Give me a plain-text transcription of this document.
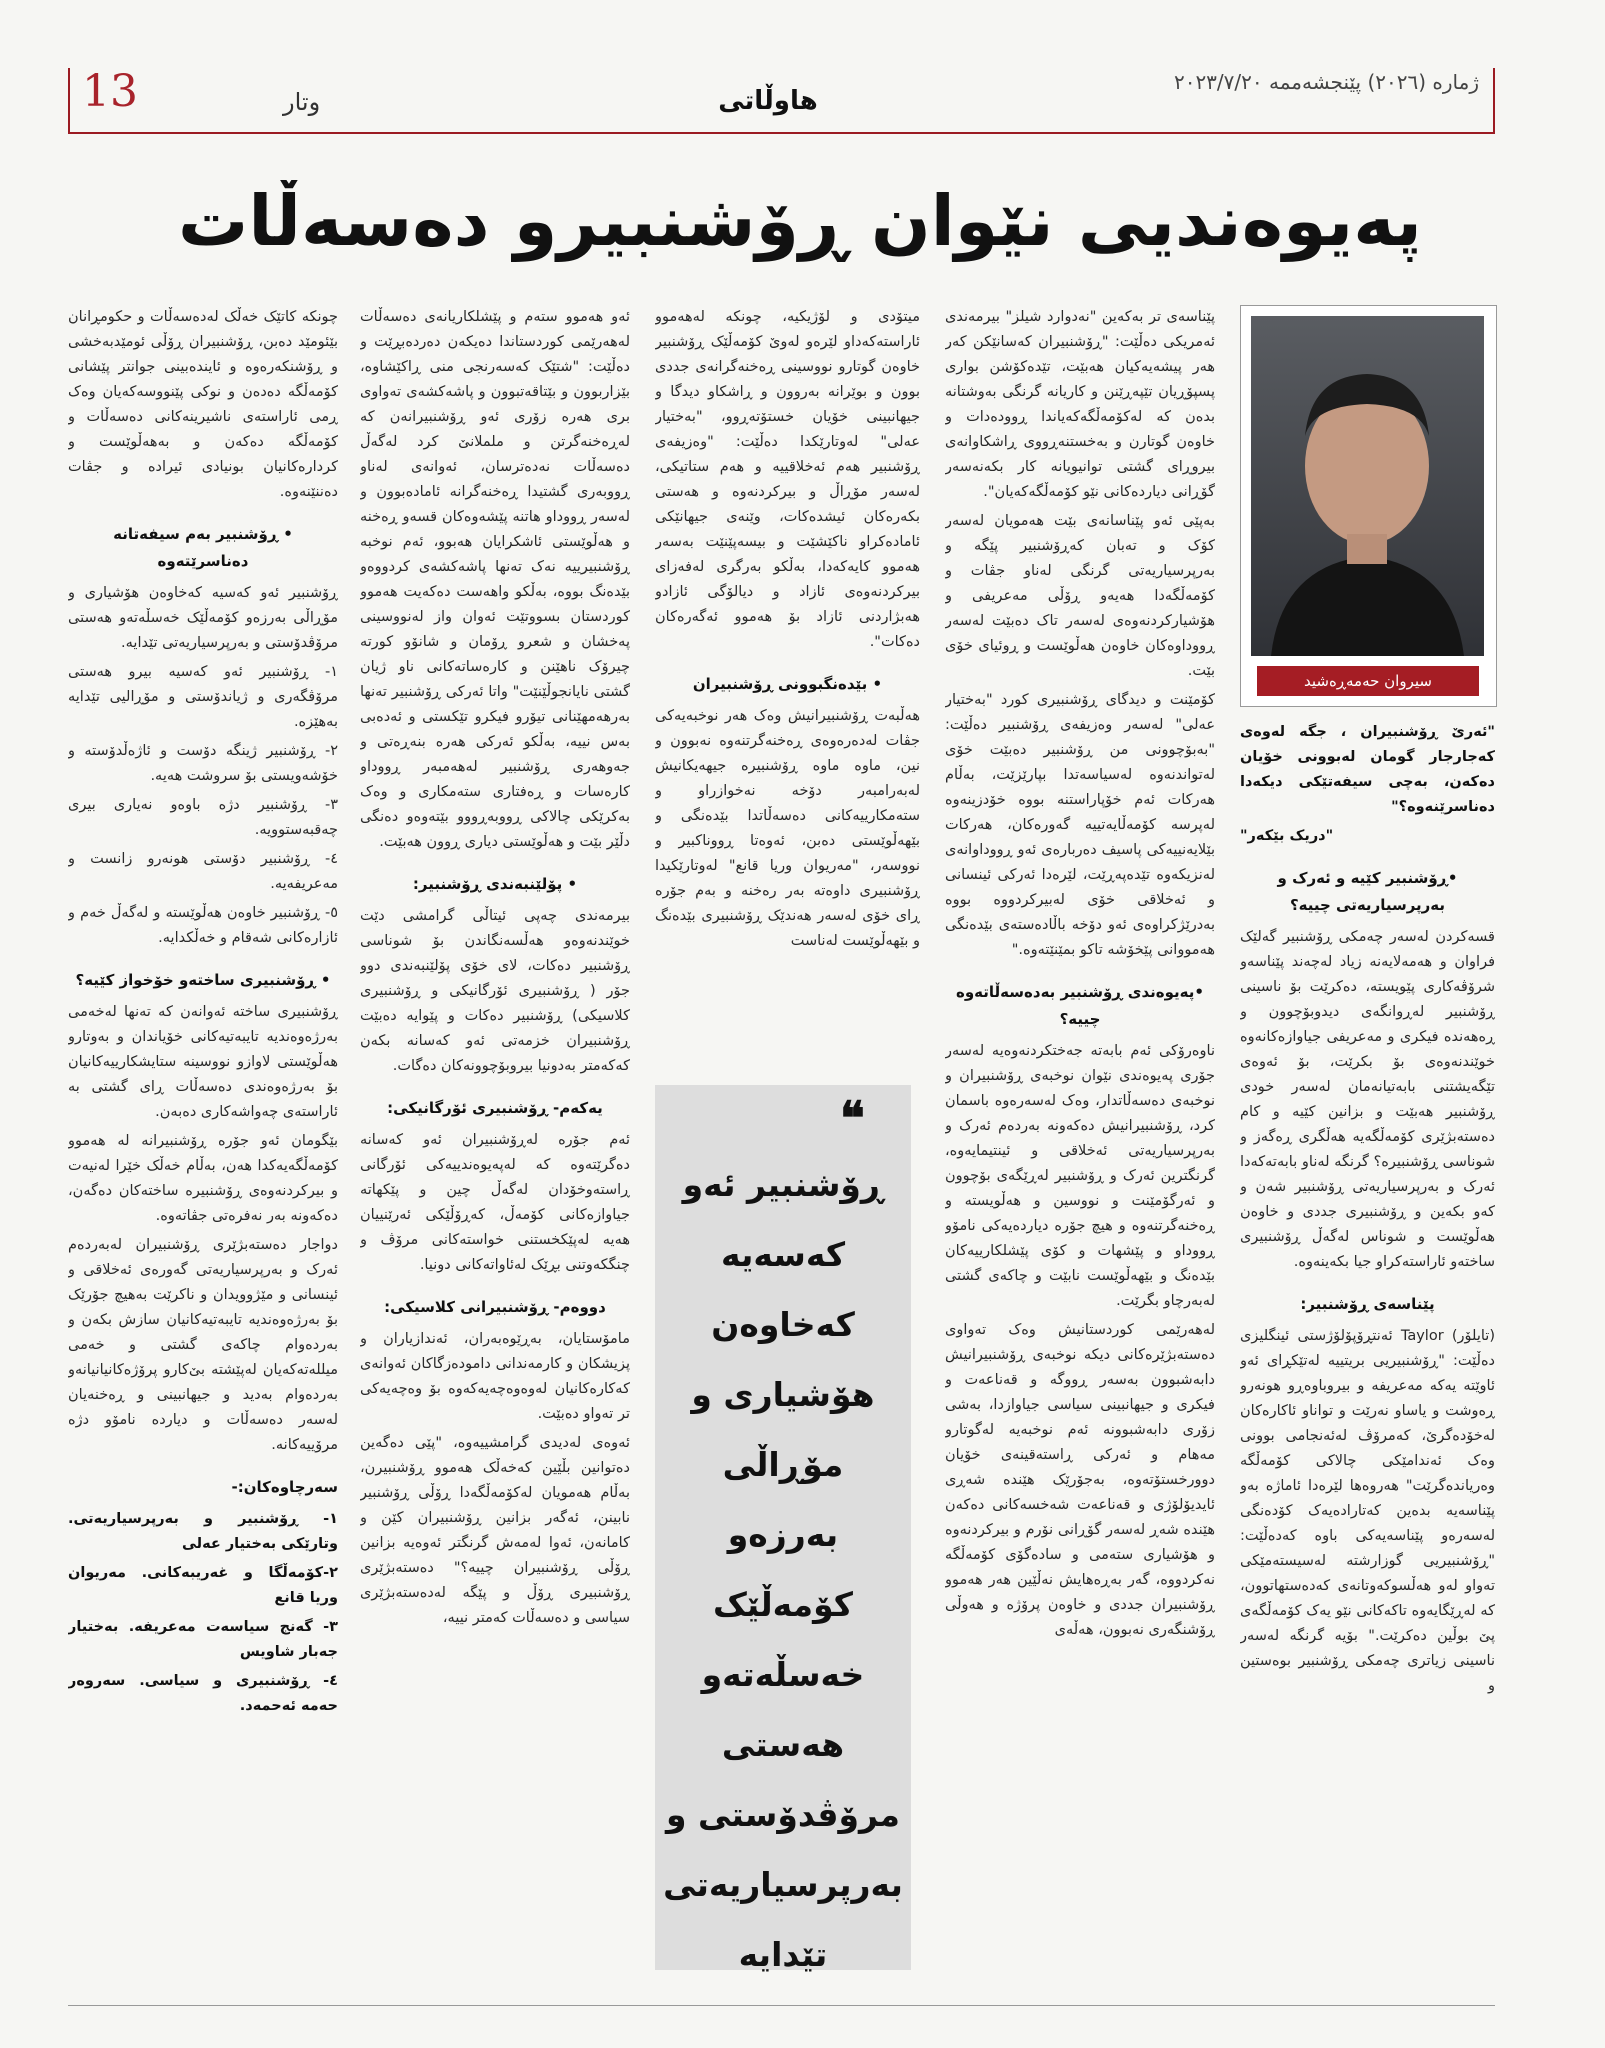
13	وتار	هاوڵاتی
ژمارە (٢٠٢٦) پێنجشەممە ٢٠٢٣/٧/٢٠
پەیوەندیی نێوان ڕۆشنبیرو دەسەڵات

"ئەرێ ڕۆشنبیران ، جگە لەوەی کەجارجار گومان لەبوونی خۆیان دەکەن، بەچی سیفەتێکی دیکەدا دەناسرێنەوە؟"

"دریک بێکەر"

•ڕۆشنبیر کێیە و ئەرک و بەرپرسیاریەتی چییە؟

قسەکردن لەسەر چەمکی ڕۆشنبیر گەلێک فراوان و هەمەلایەنە زیاد لەچەند پێناسەو شرۆڤەکاری پێویستە، دەکرێت بۆ ناسینی ڕۆشنبیر لەڕوانگەی دیدوبۆچوون و ڕەهەندە فیکری و مەعریفی جیاوازەکانەوە خوێندنەوەی بۆ بکرێت، بۆ ئەوەی تێگەیشتنی بابەتیانەمان لەسەر خودی ڕۆشنبیر هەبێت و بزانین کێیە و کام دەستەبژێری کۆمەڵگەیە هەڵگری ڕەگەز و شوناسی ڕۆشنبیرە؟ گرنگە لەناو بابەتەکەدا ئەرک و بەرپرسیاریەتی ڕۆشنبیر شەن و کەو بکەین و ڕۆشنبیری جددی و خاوەن هەڵوێست و شوناس لەگەڵ ڕۆشنبیری ساختەو ئاراستەکراو جیا بکەینەوە.

پێناسەی ڕۆشنبیر:

(تایلۆر) Taylor ئەنتڕۆپۆلۆژستی ئینگلیزی دەڵێت: "ڕۆشنبیریی بریتییە لەتێکڕای ئەو ئاوێتە یەکە مەعریفە و بیروباوەڕو هونەرو ڕەوشت و یاساو نەرێت و تواناو ئاکارەکان لەخۆدەگرێ، کەمرۆڤ لەئەنجامی بوونی وەک ئەندامێکی چالاکی کۆمەڵگە وەریاندەگرێت" هەروەها لێرەدا ئاماژە بەو پێناسەیە بدەین کەتارادەیەک کۆدەنگی لەسەرەو پێناسەیەکی باوە کەدەڵێت: "ڕۆشنبیریی گوزارشتە لەسیستەمێکی تەواو لەو هەڵسوکەوتانەی کەدەستهاتوون، کە لەڕێگایەوە تاکەکانی نێو یەک کۆمەڵگەی پێ بوڵین دەکرێت." بۆیە گرنگە لەسەر ناسینی زیاتری چەمکی ڕۆشنبیر بوەستین و

سیروان حەمەڕەشید

پێناسەی تر بەکەین "نەدوارد شیلز" بیرمەندی ئەمریکی دەڵێت: "ڕۆشنبیران کەسانێکن کەر هەر پیشەیەکیان هەبێت، تێدەکۆشن بواری پسپۆڕیان تێپەڕێنن و کاریانە گرنگی بەوشتانە بدەن کە لەکۆمەڵگەکەیاندا ڕوودەدات و خاوەن گوتارن و بەخستنەڕووی ڕاشکاوانەی بیروڕای گشتی توانیویانە کار بکەنەسەر گۆڕانی دیاردەکانی نێو کۆمەڵگەکەیان".

بەپێی ئەو پێناسانەی بێت هەمویان لەسەر کۆک و تەبان کەڕۆشنبیر پێگە و بەرپرسیاریەتی گرنگی لەناو جڤات و کۆمەڵگەدا هەیەو ڕۆڵی مەعریفی و هۆشیارکردنەوەی لەسەر تاک دەبێت لەسەر ڕووداوەکان خاوەن هەڵوێست و ڕوئیای خۆی بێت.

کۆمێنت و دیدگای ڕۆشنبیری کورد "بەختیار عەلی" لەسەر وەزیفەی ڕۆشنبیر دەڵێت: "بەبۆچوونی من ڕۆشنبیر دەبێت خۆی لەتواندنەوە لەسیاسەتدا بپارێزێت، بەڵام هەرکات ئەم خۆپاراستنە بووە خۆدزینەوە لەپرسە کۆمەڵایەتییە گەورەکان، هەرکات بێلایەنییەکی پاسیف دەربارەی ئەو ڕووداوانەی لەنزیکەوە تێدەپەڕێت، لێرەدا ئەرکی ئینسانی و ئەخلاقی خۆی لەبیرکردووە بووە بەدرێژکراوەی ئەو دۆخە باڵادەستەی بێدەنگی هەمووانی پێخۆشە تاکو بمێنێتەوە."

•پەیوەندی ڕۆشنبیر بەدەسەڵاتەوە چییە؟

ناوەرۆکی ئەم بابەتە جەختکردنەوەیە لەسەر جۆری پەیوەندی نێوان نوخبەی ڕۆشنبیران و نوخبەی دەسەڵاتدار، وەک لەسەرەوە باسمان کرد، ڕۆشنبیرانیش دەکەونە بەردەم ئەرک و بەرپرسیاریەتی ئەخلاقی و ئینتیمایەوە، گرنگترین ئەرک و ڕۆشنبیر لەڕێگەی بۆچوون و ئەرگۆمێنت و نووسین و هەڵویستە و ڕەخنەگرتنەوە و هیچ جۆرە دیاردەیەکی نامۆو ڕووداو و پێشهات و کۆی پێشلکارییەکان بێدەنگ و بێهەڵوێست نابێت و چاکەی گشتی لەبەرچاو بگرێت.

لەهەرێمی کوردستانیش وەک تەواوی دەستەبژێرەکانی دیکە نوخبەی ڕۆشنبیرانیش دابەشبوون بەسەر ڕووگە و قەناعەت و فیکری و جیهانبینی سیاسی جیاوازدا، بەشی زۆری دابەشبوونە ئەم نوخبەیە لەگوتارو مەهام و ئەرکی ڕاستەقینەی خۆیان دوورخستۆتەوە، بەجۆرێک هێندە شەڕی ئایدیۆلۆژی و قەناعەت شەخسەکانی دەکەن هێندە شەڕ لەسەر گۆڕانی نۆرم و بیرکردنەوە و هۆشیاری ستەمی و سادەگۆی کۆمەڵگە نەکردووە، گەر بەڕەهایش نەڵێین هەر هەموو ڕۆشنبیران جددی و خاوەن پرۆژە و هەوڵی ڕۆشنگەری نەبوون، هەڵەی

میتۆدی و لۆژیکیە، چونکە لەهەموو ئاراستەکەداو لێرەو لەوێ کۆمەڵێک ڕۆشنبیر خاوەن گوتارو نووسینی ڕەخنەگرانەی جددی بوون و بوێرانە بەروون و ڕاشکاو دیدگا و جیهانبینی خۆیان خستۆتەڕوو، "بەختیار عەلی" لەوتارێکدا دەڵێت: "وەزیفەی ڕۆشنبیر هەم ئەخلاقییە و هەم ستاتیکی، لەسەر مۆڕاڵ و بیرکردنەوە و هەستی بکەرەکان ئیشدەکات، وێنەی جیهانێکی ئامادەکراو ناکێشێت و بیسەپێنێت بەسەر هەموو کایەکەدا، بەڵکو بەرگری لەفەزای بیرکردنەوەی ئازاد و دیالۆگی ئازادو هەبژاردنی ئازاد بۆ هەموو ئەگەرەکان دەکات".

• بێدەنگبوونی ڕۆشنبیران

هەڵبەت ڕۆشنبیرانیش وەک هەر نوخبەیەکی جڤات لەدەرەوەی ڕەخنەگرتنەوە نەبوون و نین، ماوە ماوە ڕۆشنبیرە جیهەیکانیش لەبەرامبەر دۆخە نەخوازراو و ستەمکارییەکانی دەسەڵاتدا بێدەنگی و بێهەڵوێستی دەبن، ئەوەتا ڕووناکبیر و نووسەر، "مەریوان وریا قانع" لەوتارێکیدا ڕۆشنبیری داوەتە بەر رەخنە و بەم جۆرە ڕای خۆی لەسەر هەندێک ڕۆشنبیری بێدەنگ و بێهەڵوێست لەناست

❝
ڕۆشنبیر ئەو کەسەیە کەخاوەن هۆشیاری و مۆڕاڵی بەرزەو کۆمەڵێک خەسڵەتەو هەستی مرۆڤدۆستی و بەرپرسیاریەتی تێدایە

ئەو هەموو ستەم و پێشلکاریانەی دەسەڵات لەهەرێمی کوردستاندا دەیکەن دەردەبڕێت و دەڵێت: "شتێک کەسەرنجی منی ڕاکێشاوە، بێزاربوون و بێتاقەتبوون و پاشەکشەی تەواوی بری هەرە زۆری ئەو ڕۆشنبیرانەن کە لەڕەخنەگرتن و ململانێ کرد لەگەڵ دەسەڵات نەدەترسان، ئەوانەی لەناو ڕووبەری گشتیدا ڕەخنەگرانە ئامادەبوون و لەسەر ڕووداو هاتنە پێشەوەکان قسەو ڕەخنە و هەڵوێستی ئاشکرایان هەبوو، ئەم نوخبە ڕۆشنبیرییە نەک تەنها پاشەکشەی کردووەو بێدەنگ بووە، بەڵکو واهەست دەکەیت هەموو کوردستان بسووتێت ئەوان واز لەنووسینی پەخشان و شعرو ڕۆمان و شانۆو کورتە چیرۆک ناهێنن و کارەساتەکانی ناو ژیان گشتی نایانجوڵێنێت" واتا ئەرکی ڕۆشنبیر تەنها بەرهەمهێنانی تیۆرو فیکرو تێکستی و ئەدەبی بەس نییە، بەڵکو ئەرکی هەرە بنەڕەتی و جەوهەری ڕۆشنبیر لەهەمبەر ڕووداو کارەسات و ڕەفتاری ستەمکاری و وەک بەکرێکی چالاکی ڕووبەڕووو بێتەوەو دەنگی دڵێر بێت و هەڵوێستی دیاری ڕوون هەبێت.

• پۆلێنبەندی ڕۆشنبیر:

بیرمەندی چەپی ئیتاڵی گرامشی دێت خوێندنەوەو هەڵسەنگاندن بۆ شوناسی ڕۆشنبیر دەکات، لای خۆی پۆلێنبەندی دوو جۆر ( ڕۆشنبیری ئۆرگانیکی و ڕۆشنبیری کلاسیکی) ڕۆشنبیر دەکات و پێوایە دەبێت ڕۆشنبیران خزمەتی ئەو کەسانە بکەن کەکەمتر بەدونیا بیروبۆچوونەکان دەگات.

یەکەم- ڕۆشنبیری ئۆرگانیکی:

ئەم جۆرە لەڕۆشنبیران ئەو کەسانە دەگرێتەوە کە لەپەیوەندییەکی ئۆرگانی ڕاستەوخۆدان لەگەڵ چین و پێکهاتە جیاوازەکانی کۆمەڵ، کەڕۆڵێکی ئەرێنییان هەیە لەپێکخستنی خواستەکانی مرۆڤ و چنگکەوتنی بڕێک لەئاواتەکانی دونیا.

دووەم- ڕۆشنبیرانی کلاسیکی:

مامۆستایان، بەڕێوەبەران، ئەندازیاران و پزیشکان و کارمەندانی دامودەزگاکان ئەوانەی کەکارەکانیان لەوەوەچەیەکەوە بۆ وەچەیەکی تر تەواو دەبێت.

ئەوەی لەدیدی گرامشییەوە، "پێی دەگەین دەتوانین بڵێین کەخەڵک هەموو ڕۆشنبیرن، بەڵام هەمویان لەکۆمەڵگەدا ڕۆڵی ڕۆشنبیر نابینن، ئەگەر بزانین ڕۆشنبیران کێن و کامانەن، ئەوا لەمەش گرنگتر ئەوەیە بزانین ڕۆڵی ڕۆشنبیران چییە؟" دەستەبژێری ڕۆشنبیری ڕۆڵ و پێگە لەدەستەبژێری سیاسی و دەسەڵات کەمتر نییە،

چونکە کاتێک خەڵک لەدەسەڵات و حکومڕانان بێئومێد دەبن، ڕۆشنبیران ڕۆڵی ئومێدبەخشی و ڕۆشنکەرەوە و ئاینده‌بینی جوانتر پێشانی کۆمەڵگە دەدەن و نوکی پێنووسەکەیان وەک ڕمی ئاراستەی ناشیرینەکانی دەسەڵات و کۆمەڵگە دەکەن و بەهەڵوێست و کردارەکانیان بونیادی ئیرادە و جڤات دەننێنەوە.

• ڕۆشنبیر بەم سیفەتانە دەناسرێتەوە

ڕۆشنبیر ئەو کەسیە کەخاوەن هۆشیاری و مۆڕاڵی بەرزەو کۆمەڵێک خەسڵەتەو هەستی مرۆڤدۆستی و بەرپرسیاریەتی تێدایە.

١- ڕۆشنبیر ئەو کەسیە بیرو هەستی مرۆڤگەری و ژیاندۆستی و مۆڕالیی تێدایە بەهێزە.

٢- ڕۆشنبیر ژینگە دۆست و ئاژەڵدۆستە و خۆشەویستی بۆ سروشت هەیە.

٣- ڕۆشنبیر دژە باوەو نەیاری بیری چەقبەستوویە.

٤- ڕۆشنبیر دۆستی هونەرو زانست و مەعریفەیە.

٥- ڕۆشنبیر خاوەن هەڵوێستە و لەگەڵ خەم و ئازارەکانی شەقام و خەڵکدایە.

• ڕۆشنبیری ساختەو خۆخواز کێیە؟

ڕۆشنبیری ساختە ئەوانەن کە تەنها لەخەمی بەرژەوەندیە تایبەتیەکانی خۆیاندان و بەوتارو هەڵوێستی لاوازو نووسینە ستایشکارییەکانیان بۆ بەرژەوەندی دەسەڵات ڕای گشتی بە ئاراستەی چەواشەکاری دەبەن.

بێگومان ئەو جۆرە ڕۆشنبیرانە لە هەموو کۆمەڵگەیەکدا هەن، بەڵام خەڵک خێرا لەنیەت و بیرکردنەوەی ڕۆشنبیرە ساختەکان دەگەن، دەکەونە بەر نەفرەتی جڤاتەوە.

دواجار دەستەبژێری ڕۆشنبیران لەبەردەم ئەرک و بەرپرسیاریەتی گەورەی ئەخلاقی و ئینسانی و مێژوویدان و ناکرێت بەهیچ جۆرێک بۆ بەرژەوەندیە تایبەتیەکانیان سازش بکەن و بەردەوام چاکەی گشتی و خەمی میللەتەکەیان لەپێشتە بێ‌کارو پرۆژەکانیانیانەو بەردەوام بەدید و جیهانبینی و ڕەخنەیان لەسەر دەسەڵات و دیاردە نامۆو دژە مرۆییەکانە.

سەرچاوەکان:-

١- ڕۆشنبیر و بەرپرسیاریەتی. وتارێکی بەختیار عەلی

٢-کۆمەڵگا و غەریبەکانی. مەریوان وریا قانع

٣- گەنج سیاسەت مەعریفە. بەختیار جەبار شاویس

٤- ڕۆشنبیری و سیاسی. سەروەر حەمە ئەحمەد.
